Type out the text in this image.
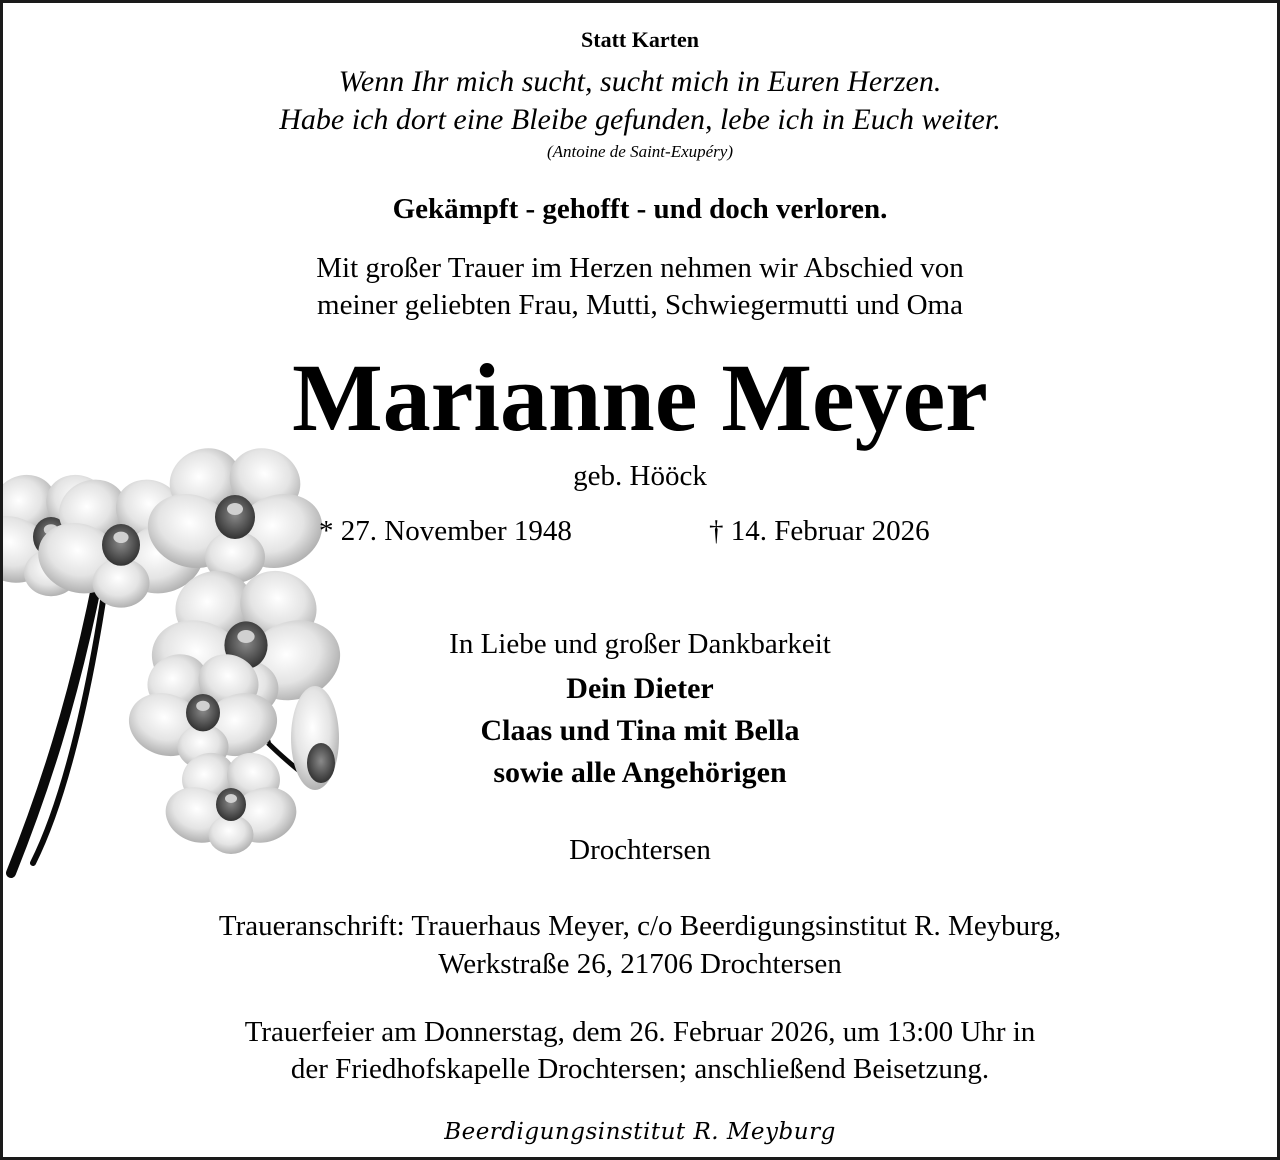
Statt Karten
Wenn Ihr mich sucht, sucht mich in Euren Herzen.
Habe ich dort eine Bleibe gefunden, lebe ich in Euch weiter.
(Antoine de Saint-Exupéry)
Gekämpft - gehofft - und doch verloren.
Mit großer Trauer im Herzen nehmen wir Abschied von
meiner geliebten Frau, Mutti, Schwiegermutti und Oma
Marianne Meyer
geb. Hööck
* 27. November 1948	† 14. Februar 2026
In Liebe und großer Dankbarkeit
Dein Dieter
Claas und Tina mit Bella
sowie alle Angehörigen
Drochtersen
Traueranschrift: Trauerhaus Meyer, c/o Beerdigungsinstitut R. Meyburg,
Werkstraße 26, 21706 Drochtersen
Trauerfeier am Donnerstag, dem 26. Februar 2026, um 13:00 Uhr in
der Friedhofskapelle Drochtersen; anschließend Beisetzung.
Beerdigungsinstitut R. Meyburg
